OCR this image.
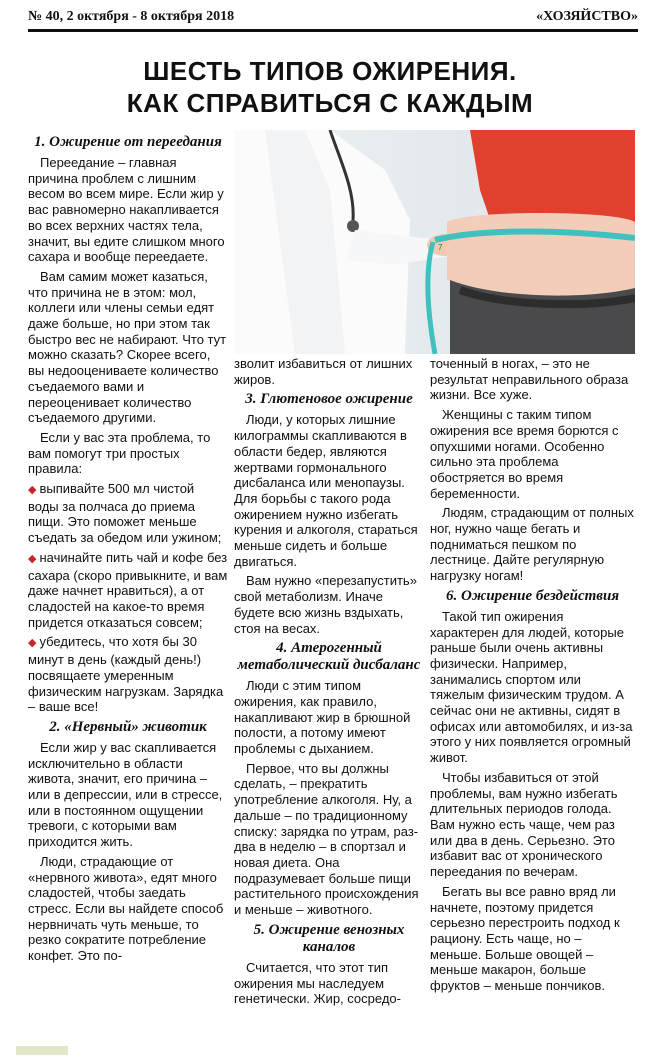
№ 40, 2 октября - 8 октября 2018	«ХОЗЯЙСТВО»
ШЕСТЬ ТИПОВ ОЖИРЕНИЯ.
КАК СПРАВИТЬСЯ С КАЖДЫМ
7
1. Ожирение от переедания

Переедание – главная причина проблем с лишним весом во всем мире. Если жир у вас равномерно накапливается во всех верхних частях тела, значит, вы едите слишком много сахара и вообще переедаете.

Вам самим может казаться, что причина не в этом: мол, коллеги или члены семьи едят даже больше, но при этом так быстро вес не набирают. Что тут можно сказать? Скорее всего, вы недооцениваете количество съедаемого вами и переоценивает количество съедаемого другими.

Если у вас эта проблема, то вам помогут три простых правила:

◆ выпивайте 500 мл чистой воды за полчаса до приема пищи. Это поможет меньше съедать за обедом или ужином;
◆ начинайте пить чай и кофе без сахара (скоро привыкните, и вам даже начнет нравиться), а от сладостей на какое-то время придется отказаться совсем;
◆ убедитесь, что хотя бы 30 минут в день (каждый день!) посвящаете умеренным физическим нагрузкам. Зарядка – ваше все!
2. «Нервный» животик

Если жир у вас скапливается исключительно в области живота, значит, его причина – или в депрессии, или в стрессе, или в постоянном ощущении тревоги, с которыми вам приходится жить.

Люди, страдающие от «нервного живота», едят много сладостей, чтобы заедать стресс. Если вы найдете способ нервничать чуть меньше, то резко сократите потребление конфет. Это по-

зволит избавиться от лишних жиров.

3. Глютеновое ожирение

Люди, у которых лишние килограммы скапливаются в области бедер, являются жертвами гормонального дисбаланса или менопаузы. Для борьбы с такого рода ожирением нужно избегать курения и алкоголя, стараться меньше сидеть и больше двигаться.

Вам нужно «перезапустить» свой метаболизм. Иначе будете всю жизнь вздыхать, стоя на весах.

4. Атерогенный метаболический дисбаланс

Люди с этим типом ожирения, как правило, накапливают жир в брюшной полости, а потому имеют проблемы с дыханием.

Первое, что вы должны сделать, – прекратить употребление алкоголя. Ну, а дальше – по традиционному списку: зарядка по утрам, раз-два в неделю – в спортзал и новая диета. Она подразумевает больше пищи растительного происхождения и меньше – животного.

5. Ожирение венозных каналов

Считается, что этот тип ожирения мы наследуем генетически. Жир, сосредо-

точенный в ногах, – это не результат неправильного образа жизни. Все хуже.

Женщины с таким типом ожирения все время борются с опухшими ногами. Особенно сильно эта проблема обостряется во время беременности.

Людям, страдающим от полных ног, нужно чаще бегать и подниматься пешком по лестнице. Дайте регулярную нагрузку ногам!

6. Ожирение бездействия

Такой тип ожирения характерен для людей, которые раньше были очень активны физически. Например, занимались спортом или тяжелым физическим трудом. А сейчас они не активны, сидят в офисах или автомобилях, и из-за этого у них появляется огромный живот.

Чтобы избавиться от этой проблемы, вам нужно избегать длительных периодов голода. Вам нужно есть чаще, чем раз или два в день. Серьезно. Это избавит вас от хронического переедания по вечерам.

Бегать вы все равно вряд ли начнете, поэтому придется серьезно перестроить подход к рациону. Есть чаще, но – меньше. Больше овощей – меньше макарон, больше фруктов – меньше пончиков.
